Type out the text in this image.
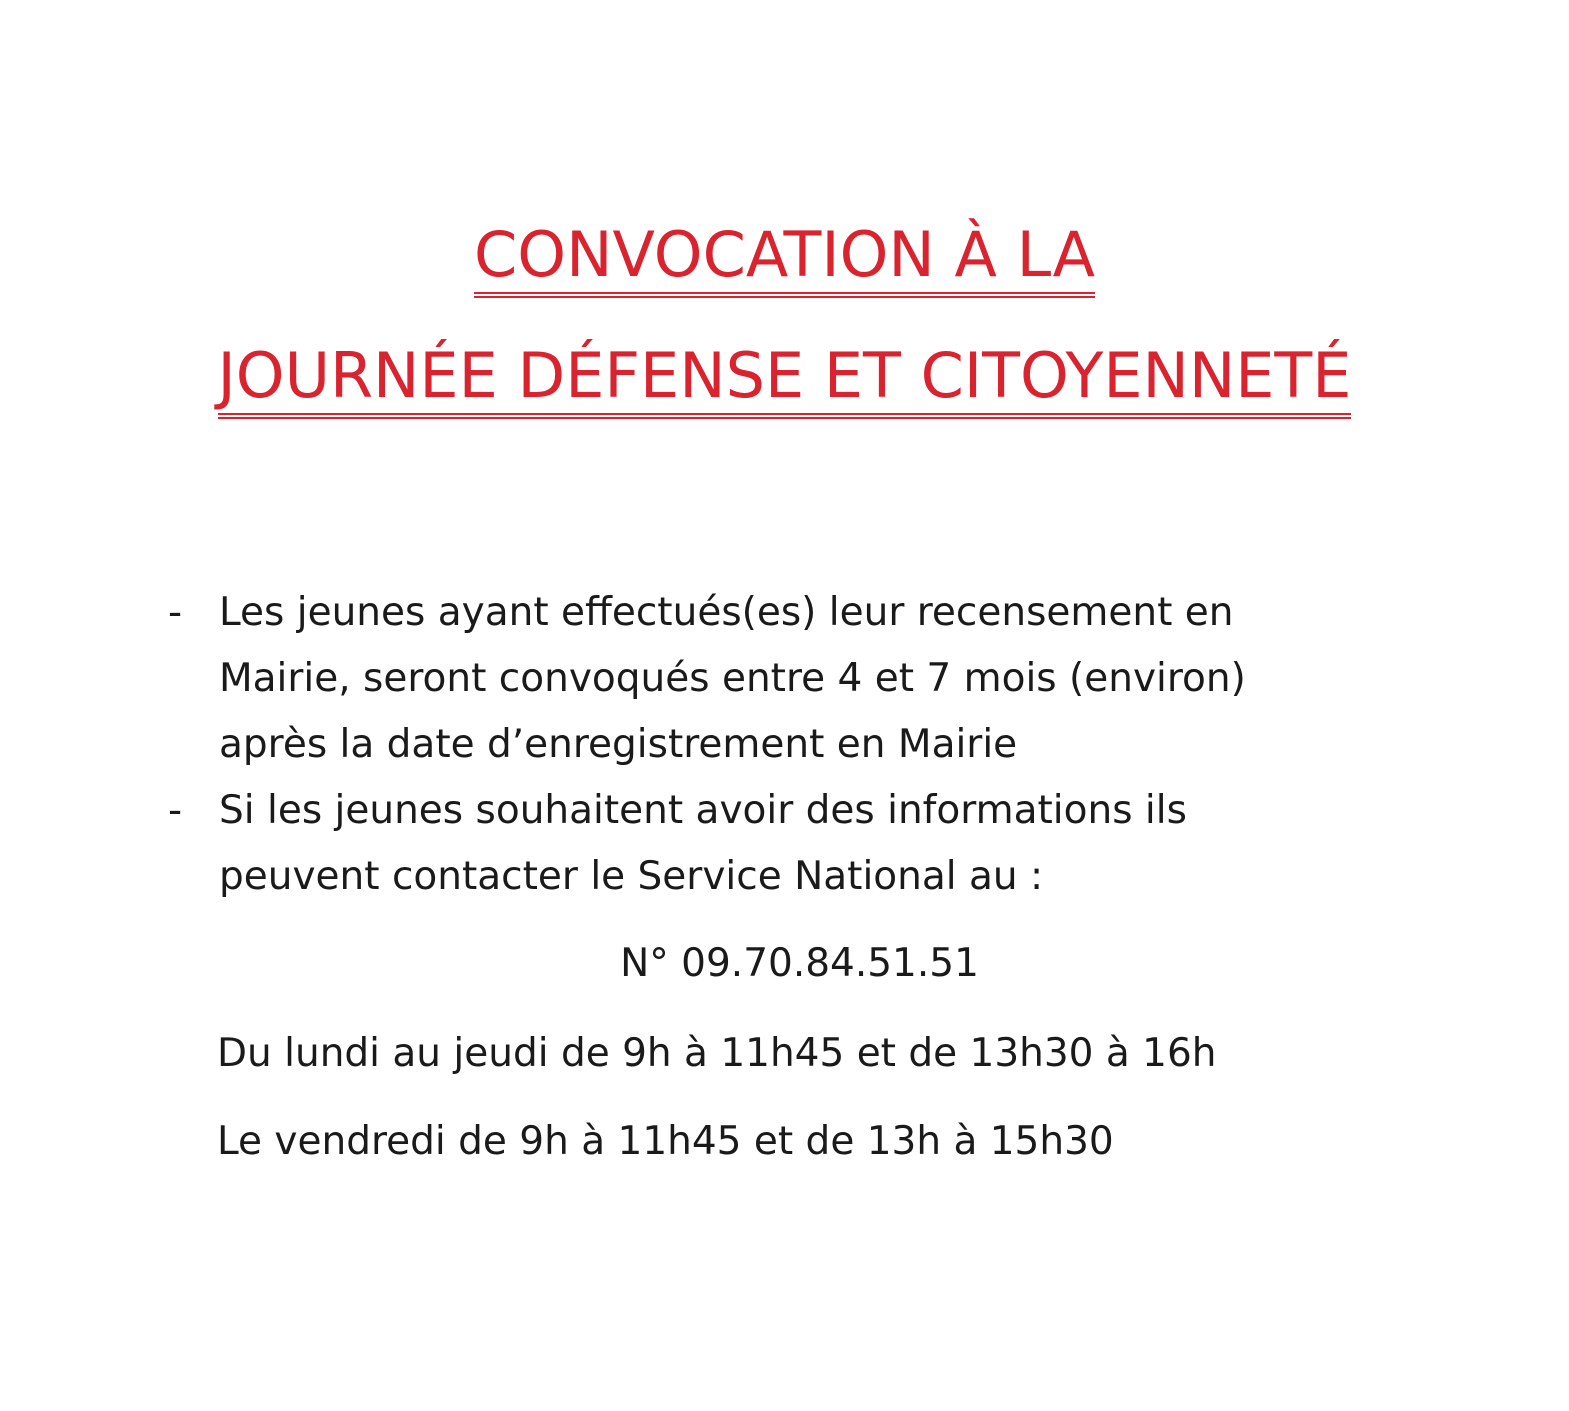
CONVOCATION À LA
JOURNÉE DÉFENSE ET CITOYENNETÉ
- Les jeunes ayant effectués(es) leur recensement en
Mairie, seront convoqués entre 4 et 7 mois (environ)
après la date d’enregistrement en Mairie
- Si les jeunes souhaitent avoir des informations ils
peuvent contacter le Service National au :
N° 09.70.84.51.51
Du lundi au jeudi de 9h à 11h45 et de 13h30 à 16h
Le vendredi de 9h à 11h45 et de 13h à 15h30
